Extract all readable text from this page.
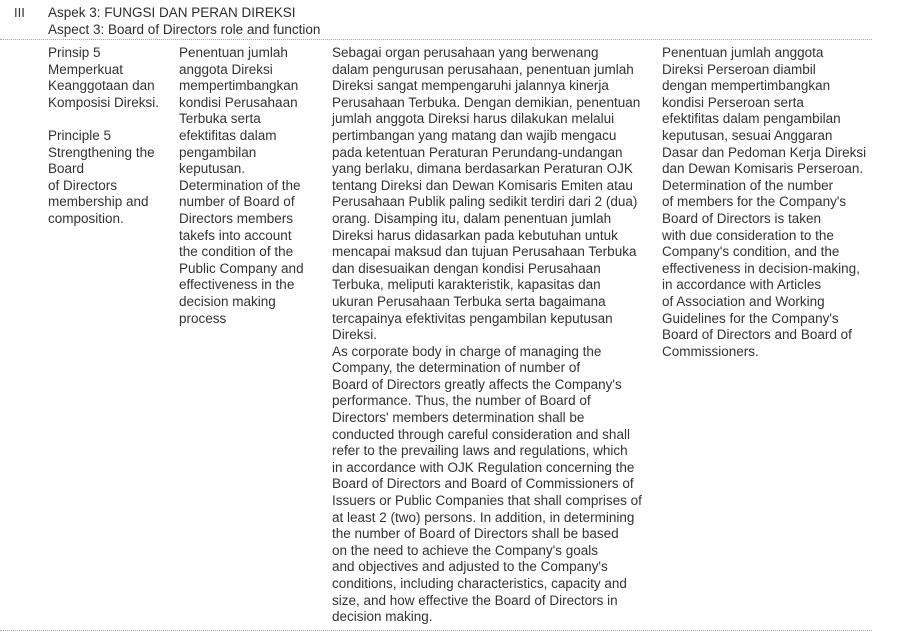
III Aspek 3: FUNGSI DAN PERAN DIREKSI
Aspect 3: Board of Directors role and function
Prinsip 5
Memperkuat
Keanggotaan dan
Komposisi Direksi.
Principle 5
Strengthening the
Board
of Directors
membership and
composition.
Penentuan jumlah
anggota Direksi
mempertimbangkan
kondisi Perusahaan
Terbuka serta
efektifitas dalam
pengambilan
keputusan.
Determination of the
number of Board of
Directors members
takefs into account
the condition of the
Public Company and
effectiveness in the
decision making
process
Sebagai organ perusahaan yang berwenang
dalam pengurusan perusahaan, penentuan jumlah
Direksi sangat mempengaruhi jalannya kinerja
Perusahaan Terbuka. Dengan demikian, penentuan
jumlah anggota Direksi harus dilakukan melalui
pertimbangan yang matang dan wajib mengacu
pada ketentuan Peraturan Perundang-undangan
yang berlaku, dimana berdasarkan Peraturan OJK
tentang Direksi dan Dewan Komisaris Emiten atau
Perusahaan Publik paling sedikit terdiri dari 2 (dua)
orang. Disamping itu, dalam penentuan jumlah
Direksi harus didasarkan pada kebutuhan untuk
mencapai maksud dan tujuan Perusahaan Terbuka
dan disesuaikan dengan kondisi Perusahaan
Terbuka, meliputi karakteristik, kapasitas dan
ukuran Perusahaan Terbuka serta bagaimana
tercapainya efektivitas pengambilan keputusan
Direksi.
As corporate body in charge of managing the
Company, the determination of number of
Board of Directors greatly affects the Company's
performance. Thus, the number of Board of
Directors' members determination shall be
conducted through careful consideration and shall
refer to the prevailing laws and regulations, which
in accordance with OJK Regulation concerning the
Board of Directors and Board of Commissioners of
Issuers or Public Companies that shall comprises of
at least 2 (two) persons. In addition, in determining
the number of Board of Directors shall be based
on the need to achieve the Company's goals
and objectives and adjusted to the Company's
conditions, including characteristics, capacity and
size, and how effective the Board of Directors in
decision making.
Penentuan jumlah anggota
Direksi Perseroan diambil
dengan mempertimbangkan
kondisi Perseroan serta
efektifitas dalam pengambilan
keputusan, sesuai Anggaran
Dasar dan Pedoman Kerja Direksi
dan Dewan Komisaris Perseroan.
Determination of the number
of members for the Company's
Board of Directors is taken
with due consideration to the
Company's condition, and the
effectiveness in decision-making,
in accordance with Articles
of Association and Working
Guidelines for the Company's
Board of Directors and Board of
Commissioners.
